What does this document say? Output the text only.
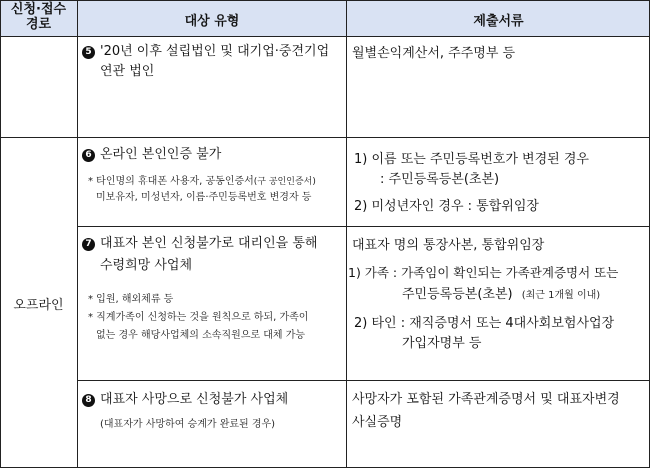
신청·접수
경로	대상 유형	제출서류
오프라인
5 '20년 이후 설립법인 및 대기업·중견기업
연관 법인
월별손익계산서, 주주명부 등
6 온라인 본인인증 불가
* 타인명의 휴대폰 사용자, 공동인증서(구 공인인증서)
미보유자, 미성년자, 이름·주민등록번호 변경자 등
1) 이름 또는 주민등록번호가 변경된 경우
: 주민등록등본(초본)
2) 미성년자인 경우 : 통합위임장
7 대표자 본인 신청불가로 대리인을 통해
수령희망 사업체
* 입원, 해외체류 등
* 직계가족이 신청하는 것을 원칙으로 하되, 가족이
없는 경우 해당사업체의 소속직원으로 대체 가능
대표자 명의 통장사본, 통합위임장
1) 가족 : 가족임이 확인되는 가족관계증명서 또는
주민등록등본(초본) (최근 1개월 이내)
2) 타인 : 재직증명서 또는 4대사회보험사업장
가입자명부 등
8 대표자 사망으로 신청불가 사업체
(대표자가 사망하여 승계가 완료된 경우)
사망자가 포함된 가족관계증명서 및 대표자변경
사실증명
